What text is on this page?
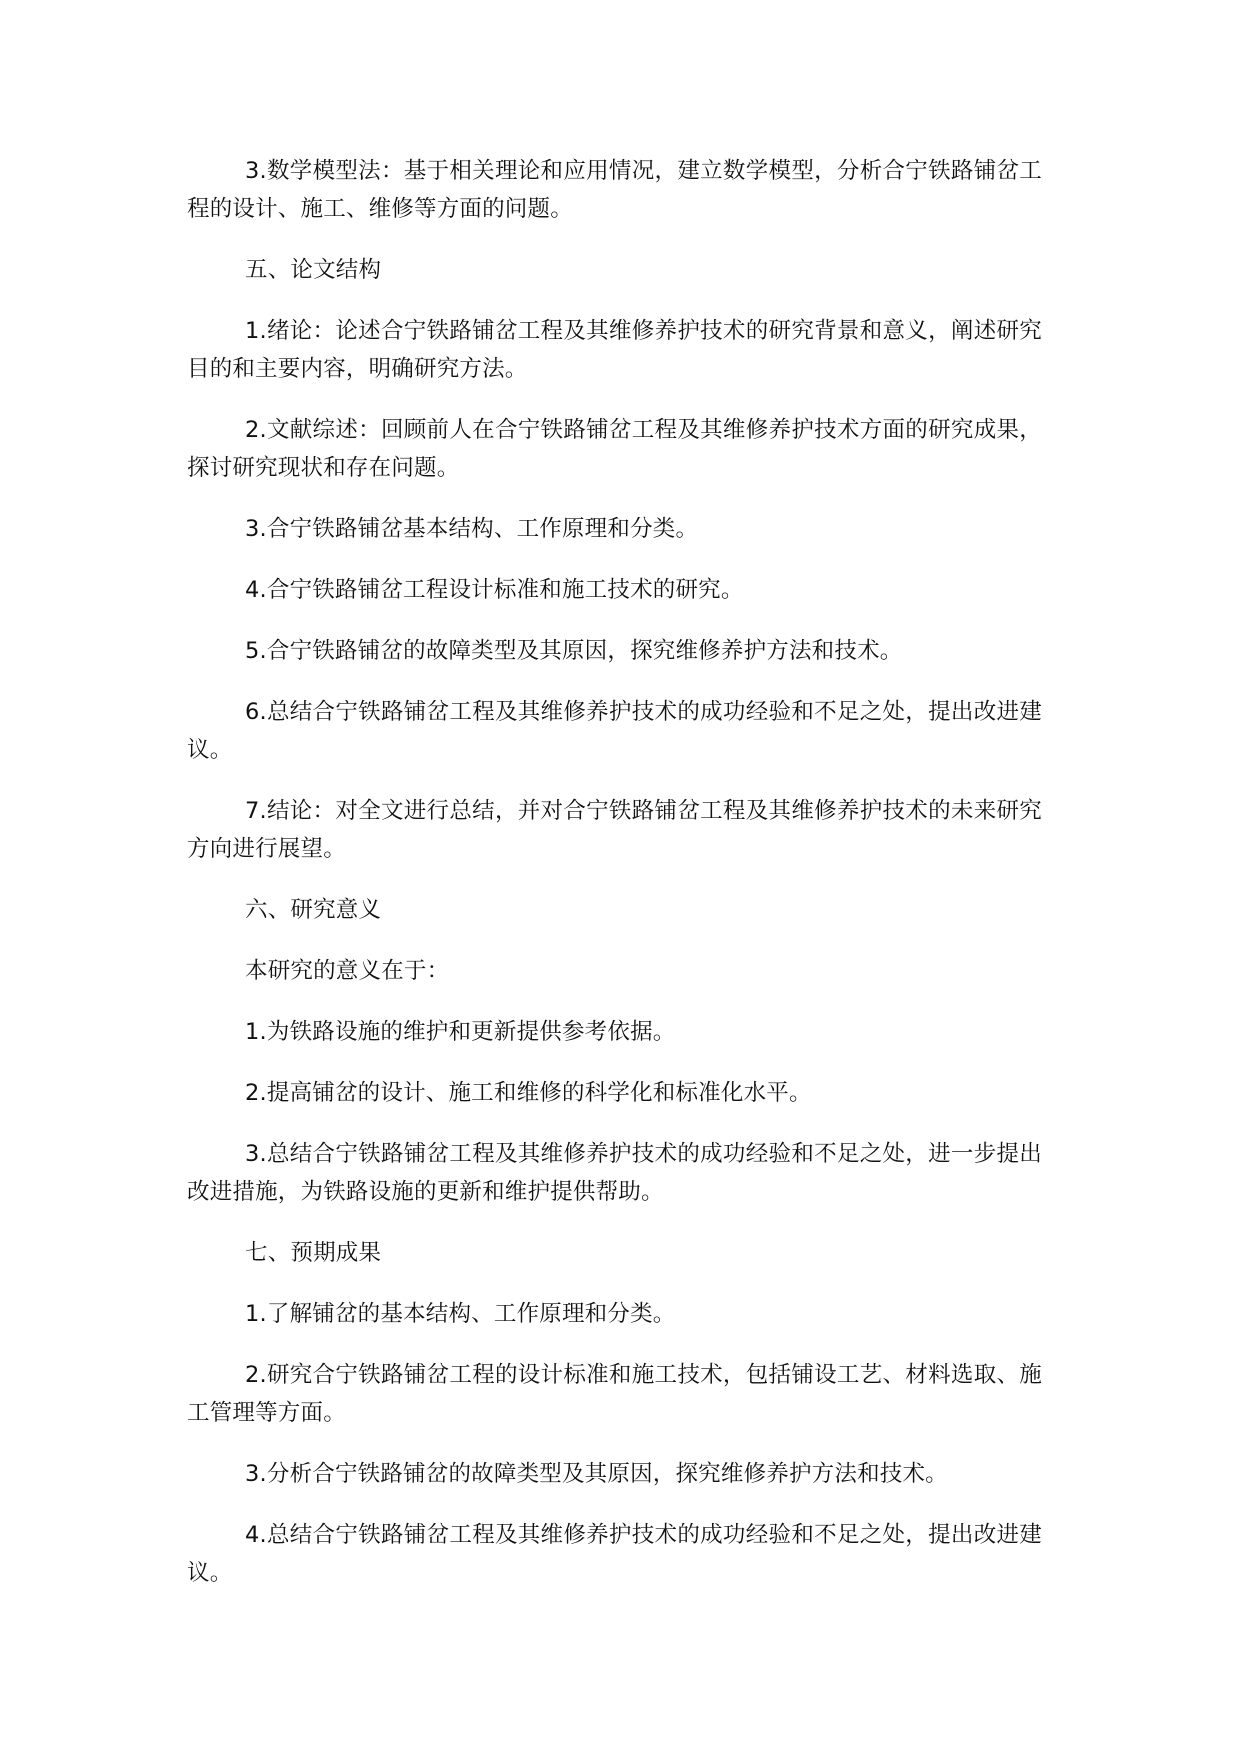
3.数学模型法：基于相关理论和应用情况，建立数学模型，分析合宁铁路铺岔工程的设计、施工、维修等方面的问题。

五、论文结构

1.绪论：论述合宁铁路铺岔工程及其维修养护技术的研究背景和意义，阐述研究目的和主要内容，明确研究方法。

2.文献综述：回顾前人在合宁铁路铺岔工程及其维修养护技术方面的研究成果，探讨研究现状和存在问题。

3.合宁铁路铺岔基本结构、工作原理和分类。

4.合宁铁路铺岔工程设计标准和施工技术的研究。

5.合宁铁路铺岔的故障类型及其原因，探究维修养护方法和技术。

6.总结合宁铁路铺岔工程及其维修养护技术的成功经验和不足之处，提出改进建议。

7.结论：对全文进行总结，并对合宁铁路铺岔工程及其维修养护技术的未来研究方向进行展望。

六、研究意义

本研究的意义在于：

1.为铁路设施的维护和更新提供参考依据。

2.提高铺岔的设计、施工和维修的科学化和标准化水平。

3.总结合宁铁路铺岔工程及其维修养护技术的成功经验和不足之处，进一步提出改进措施，为铁路设施的更新和维护提供帮助。

七、预期成果

1.了解铺岔的基本结构、工作原理和分类。

2.研究合宁铁路铺岔工程的设计标准和施工技术，包括铺设工艺、材料选取、施工管理等方面。

3.分析合宁铁路铺岔的故障类型及其原因，探究维修养护方法和技术。

4.总结合宁铁路铺岔工程及其维修养护技术的成功经验和不足之处，提出改进建议。
